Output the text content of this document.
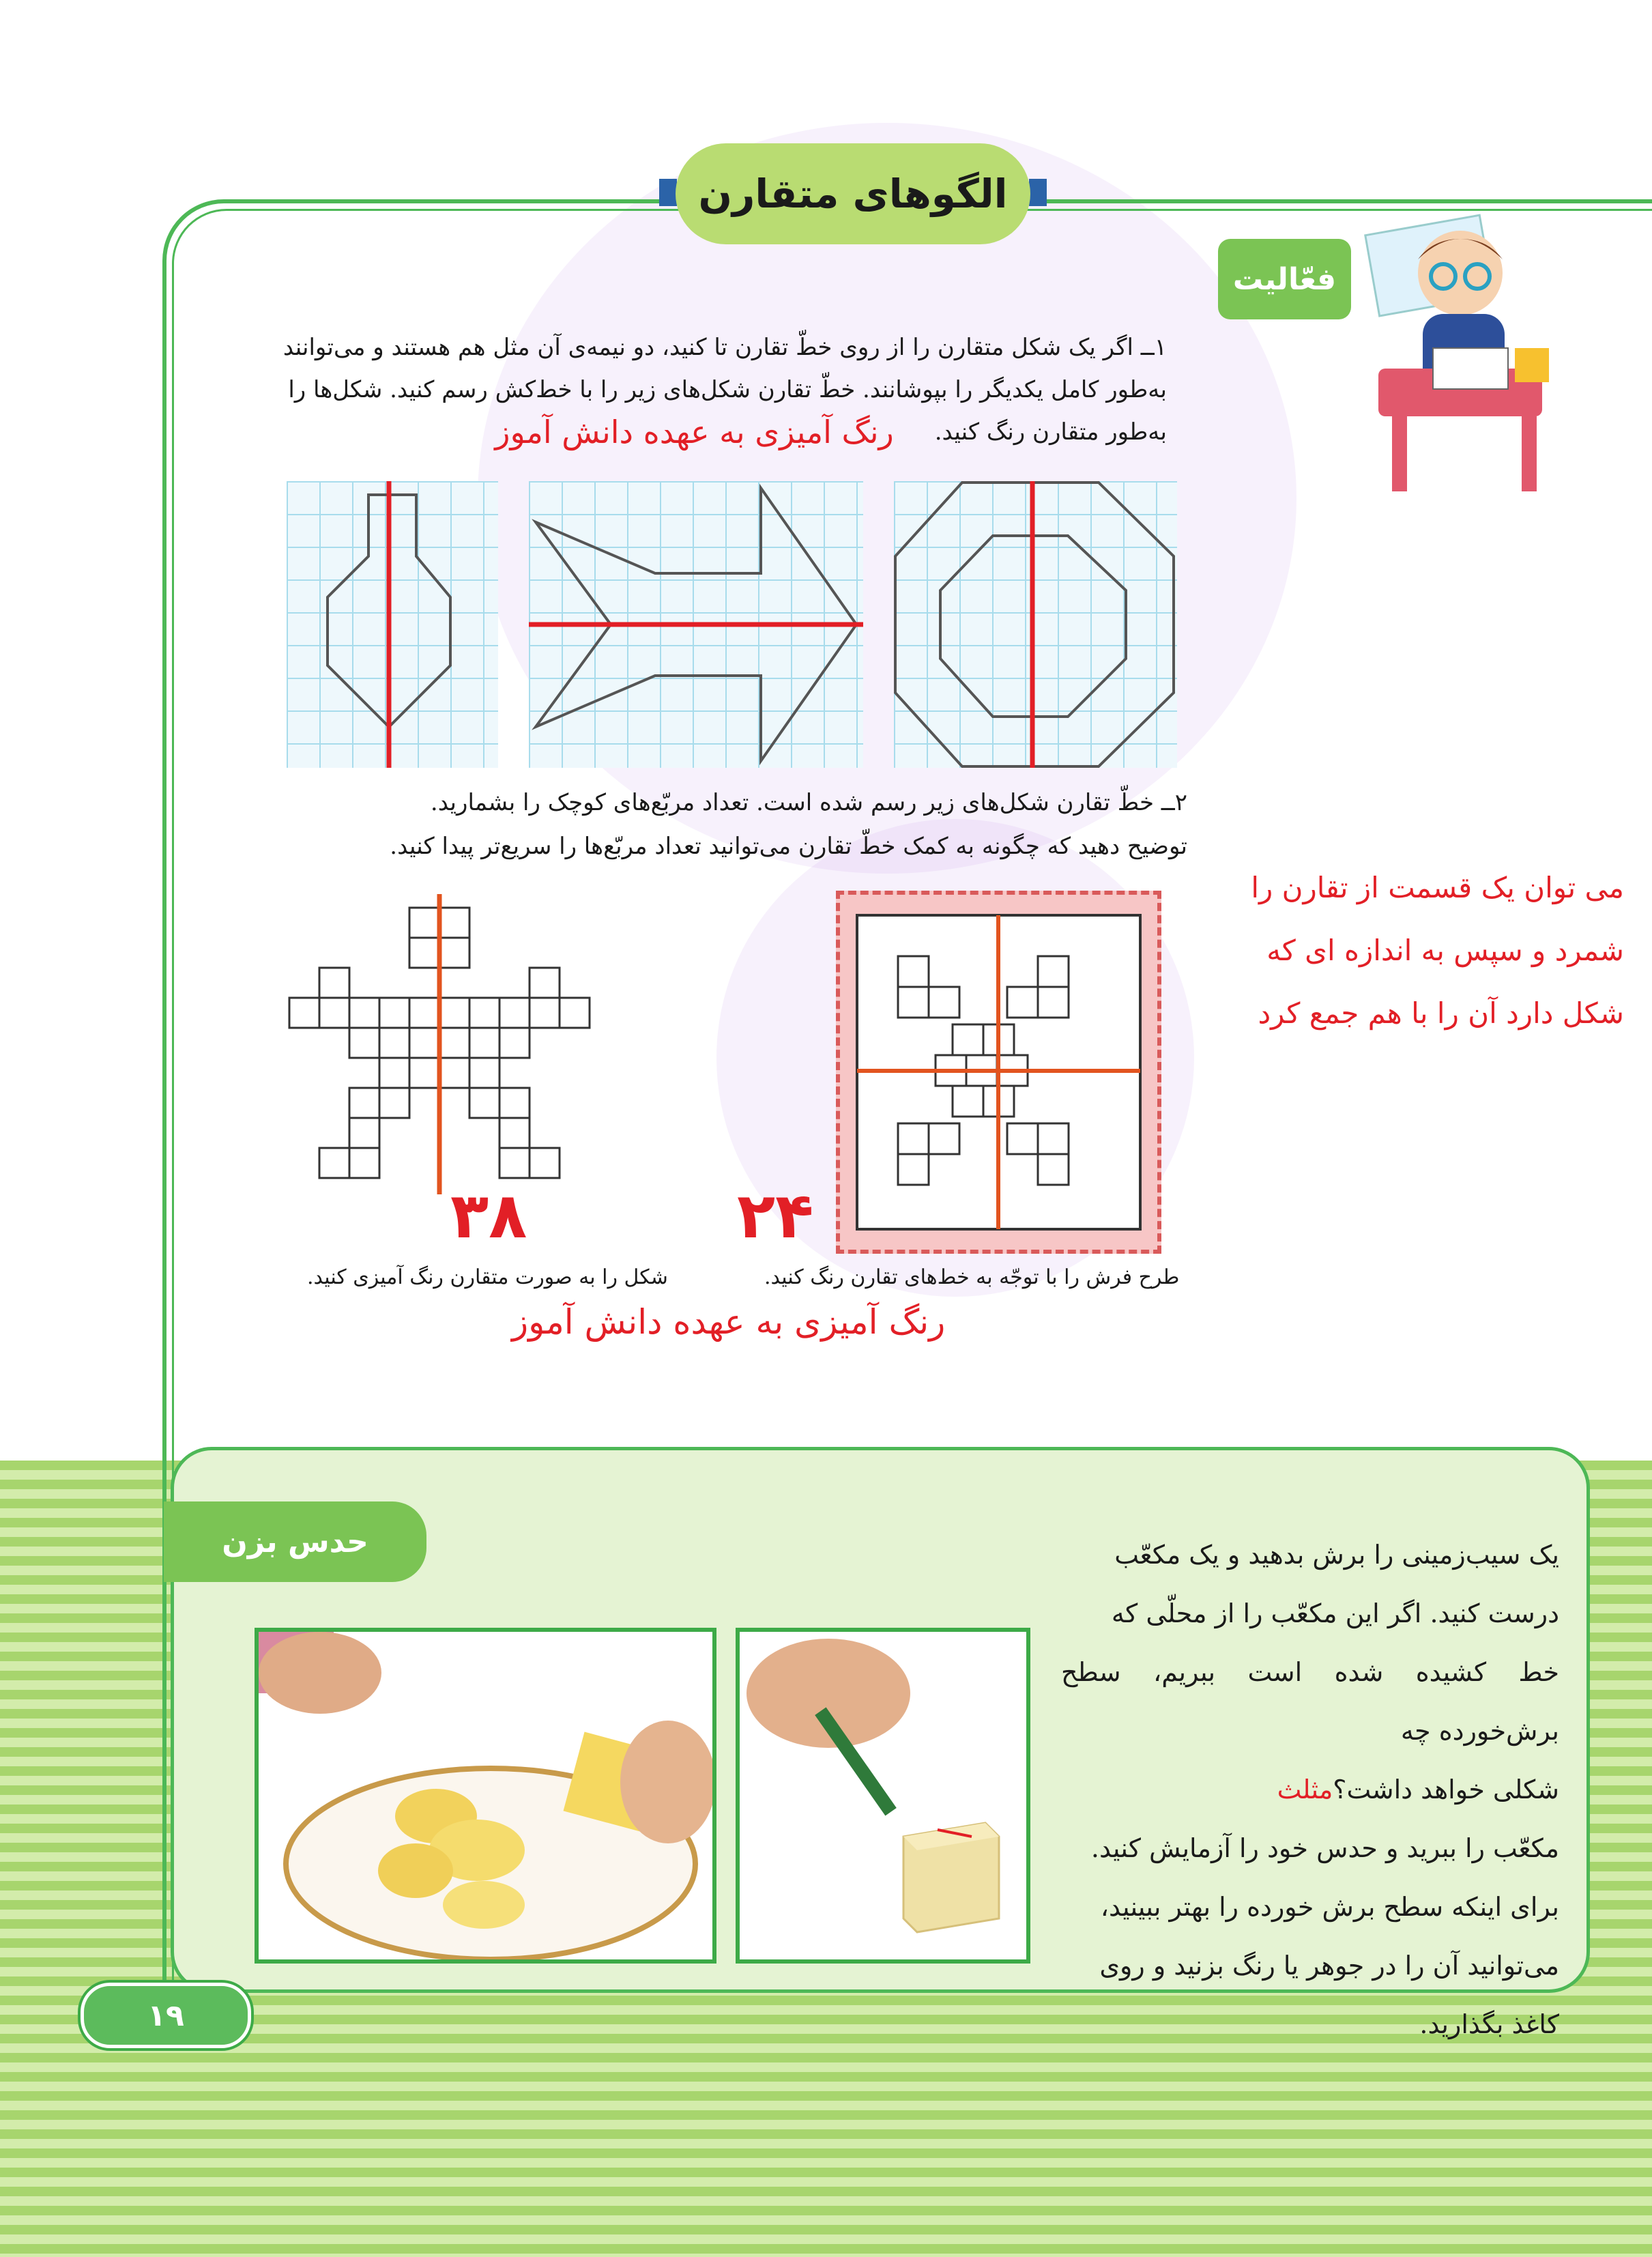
الگوهای متقارن
فعّالیت
۱ــ اگر یک شکل متقارن را از روی خطّ تقارن تا کنید، دو نیمه‌ی آن مثل هم هستند و می‌توانند
به‌طور کامل یکدیگر را بپوشانند. خطّ تقارن شکل‌های زیر را با خط‌کش رسم کنید. شکل‌ها را
به‌طور متقارن رنگ کنید.
رنگ آمیزی به عهده دانش آموز
۲ــ خطّ تقارن شکل‌های زیر رسم شده است. تعداد مربّع‌های کوچک را بشمارید.
توضیح دهید که چگونه به کمک خطّ تقارن می‌توانید تعداد مربّع‌ها را سریع‌تر پیدا کنید.
می توان یک قسمت از تقارن را
شمرد و سپس به اندازه ای که
شکل دارد آن را با هم جمع کرد
۳۸	۲۴
طرح فرش را با توجّه به خط‌های تقارن رنگ کنید.
شکل را به صورت متقارن رنگ آمیزی کنید.
رنگ آمیزی به عهده دانش آموز
حدس بزن	یک سیب‌زمینی را برش بدهید و یک مکعّب
درست کنید. اگر این مکعّب را از محلّی که
خط کشیده شده است ببریم، سطح برش‌خورده چه
شکلی خواهد داشت؟مثلث
مکعّب را ببرید و حدس خود را آزمایش کنید.
برای اینکه سطح برش خورده را بهتر ببینید،
می‌توانید آن را در جوهر یا رنگ بزنید و روی
کاغذ بگذارید.
۱۹
